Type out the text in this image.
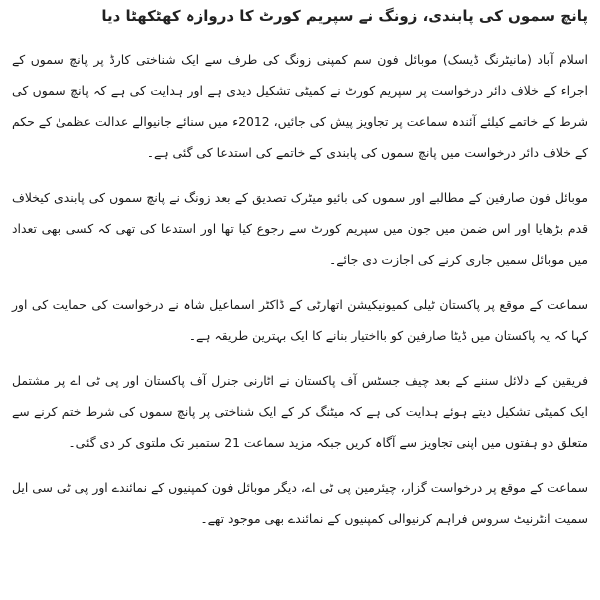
پانچ سموں کی پابندی، زونگ نے سپریم کورٹ کا دروازہ کھٹکھٹا دیا

اسلام آباد (مانیٹرنگ ڈیسک) موبائل فون سم کمپنی زونگ کی طرف سے ایک شناختی کارڈ پر پانچ سموں کے اجراء کے خلاف دائر درخواست پر سپریم کورٹ نے کمیٹی تشکیل دیدی ہے اور ہدایت کی ہے کہ پانچ سموں کی شرط کے خاتمے کیلئے آئندہ سماعت پر تجاویز پیش کی جائیں، 2012ء میں سنائے جانیوالے عدالت عظمیٰ کے حکم کے خلاف دائر درخواست میں پانچ سموں کی پابندی کے خاتمے کی استدعا کی گئی ہے۔

موبائل فون صارفین کے مطالبے اور سموں کی بائیو میٹرک تصدیق کے بعد زونگ نے پانچ سموں کی پابندی کیخلاف قدم بڑھایا اور اس ضمن میں جون میں سپریم کورٹ سے رجوع کیا تھا اور استدعا کی تھی کہ کسی بھی تعداد میں موبائل سمیں جاری کرنے کی اجازت دی جائے۔

سماعت کے موقع پر پاکستان ٹیلی کمیونیکیشن اتھارٹی کے ڈاکٹر اسماعیل شاہ نے درخواست کی حمایت کی اور کہا کہ یہ پاکستان میں ڈیٹا صارفین کو بااختیار بنانے کا ایک بہترین طریقہ ہے۔

فریقین کے دلائل سننے کے بعد چیف جسٹس آف پاکستان نے اٹارنی جنرل آف پاکستان اور پی ٹی اے پر مشتمل ایک کمیٹی تشکیل دیتے ہوئے ہدایت کی ہے کہ میٹنگ کر کے ایک شناختی پر پانچ سموں کی شرط ختم کرنے سے متعلق دو ہفتوں میں اپنی تجاویز سے آگاہ کریں جبکہ مزید سماعت 21 ستمبر تک ملتوی کر دی گئی۔

سماعت کے موقع پر درخواست گزار، چیئرمین پی ٹی اے، دیگر موبائل فون کمپنیوں کے نمائندے اور پی ٹی سی ایل سمیت انٹرنیٹ سروس فراہم کرنیوالی کمپنیوں کے نمائندے بھی موجود تھے۔
